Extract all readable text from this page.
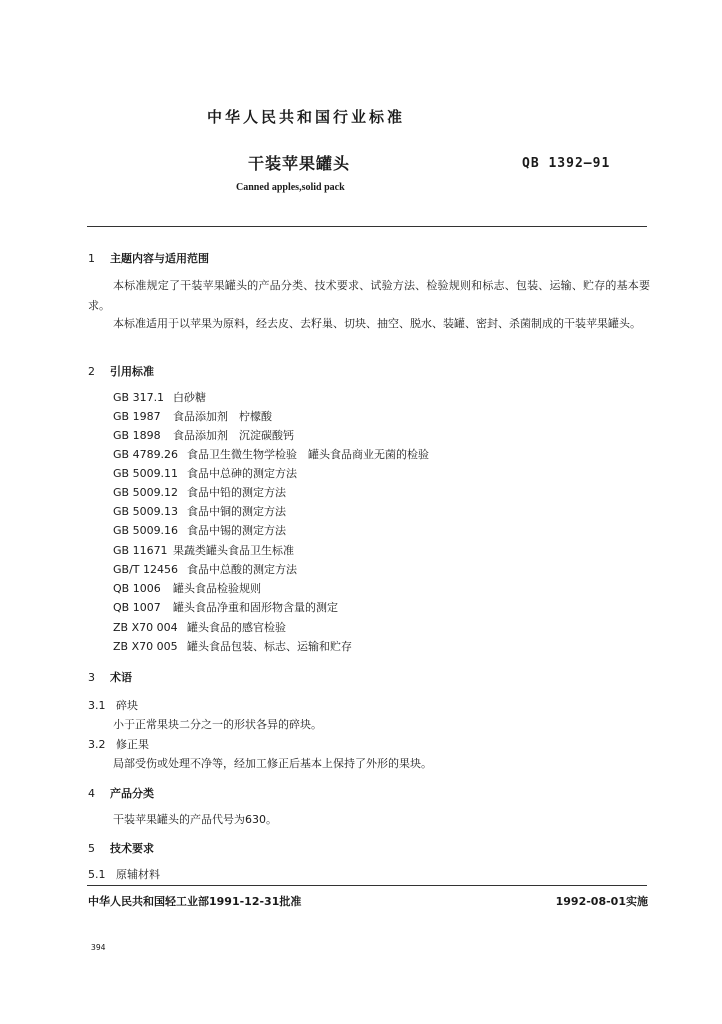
中华人民共和国行业标准
干装苹果罐头	QB 1392—91
Canned apples,solid pack
1 主题内容与适用范围
本标准规定了干装苹果罐头的产品分类、技术要求、试验方法、检验规则和标志、包装、运输、贮存的基本要求。
本标准适用于以苹果为原料，经去皮、去籽巢、切块、抽空、脱水、装罐、密封、杀菌制成的干装苹果罐头。
2 引用标准
GB 317.1 白砂糖
GB 1987 食品添加剂　柠檬酸
GB 1898 食品添加剂　沉淀碳酸钙
GB 4789.26 食品卫生微生物学检验　罐头食品商业无菌的检验
GB 5009.11 食品中总砷的测定方法
GB 5009.12 食品中铅的测定方法
GB 5009.13 食品中铜的测定方法
GB 5009.16 食品中锡的测定方法
GB 11671 果蔬类罐头食品卫生标准
GB/T 12456 食品中总酸的测定方法
QB 1006 罐头食品检验规则
QB 1007 罐头食品净重和固形物含量的测定
ZB X70 004 罐头食品的感官检验
ZB X70 005 罐头食品包装、标志、运输和贮存
3 术语
3.1 碎块
小于正常果块二分之一的形状各异的碎块。
3.2 修正果
局部受伤或处理不净等，经加工修正后基本上保持了外形的果块。
4 产品分类
干装苹果罐头的产品代号为630。
5 技术要求
5.1 原辅材料
中华人民共和国轻工业部1991-12-31批准	1992-08-01实施
394
